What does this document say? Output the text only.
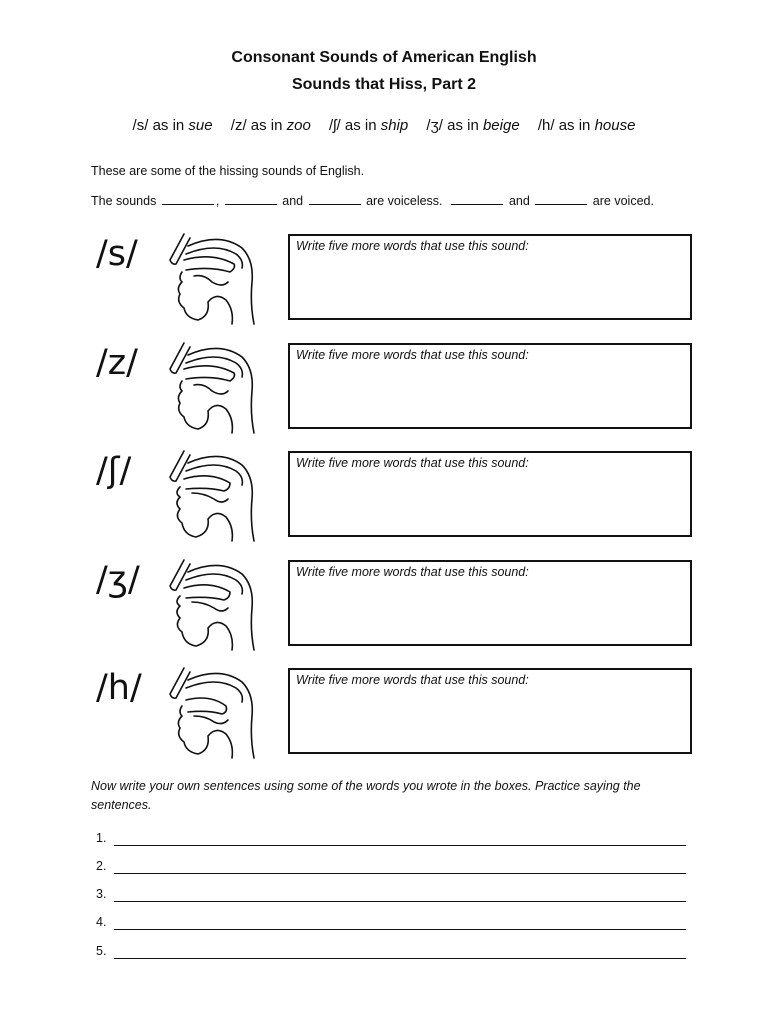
Consonant Sounds of American English
Sounds that Hiss, Part 2
/s/ as in sue /z/ as in zoo /ʃ/ as in ship /ʒ/ as in beige /h/ as in house
These are some of the hissing sounds of English.
The sounds	,	and	are voiceless.	and	are voiced.
/s/	Write five more words that use this sound:
/z/	Write five more words that use this sound:
/ʃ/	Write five more words that use this sound:
/ʒ/	Write five more words that use this sound:
/h/	Write five more words that use this sound:
Now write your own sentences using some of the words you wrote in the boxes. Practice saying the sentences.
1.
2.
3.
4.
5.
